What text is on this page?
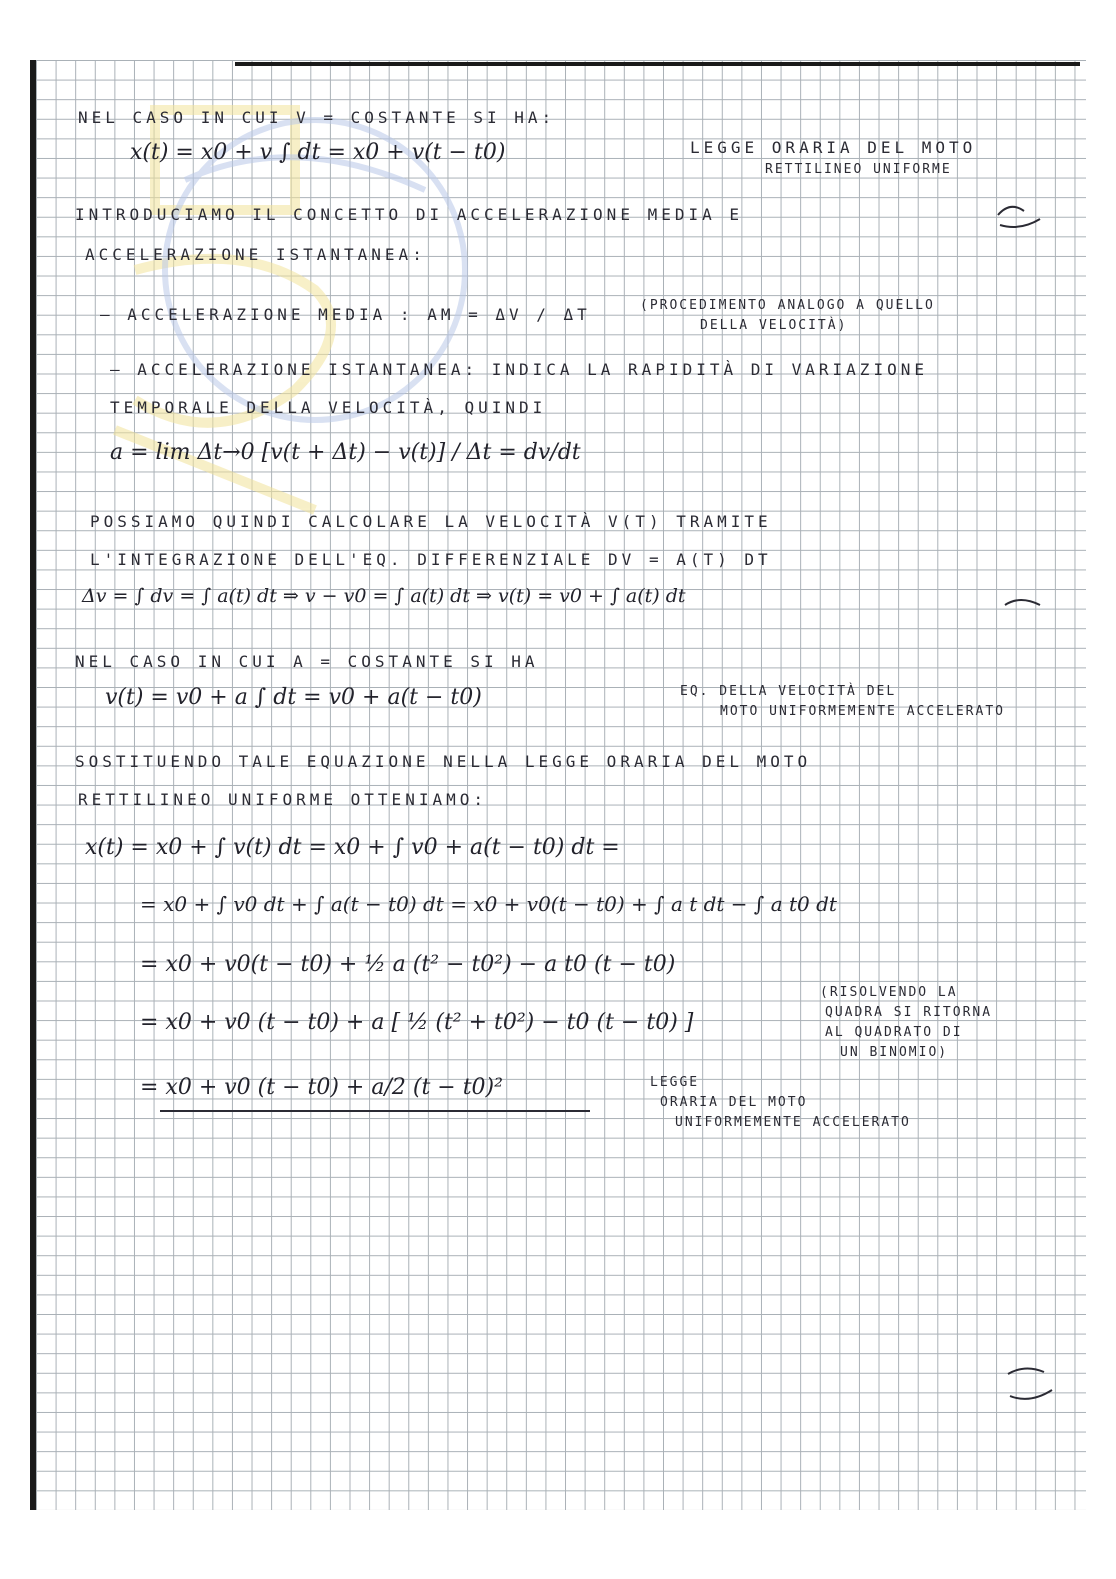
NEL CASO IN CUI V = COSTANTE SI HA:
x(t) = x0 + v ∫ dt = x0 + v(t − t0)	LEGGE ORARIA DEL MOTO
RETTILINEO UNIFORME
INTRODUCIAMO IL CONCETTO DI ACCELERAZIONE MEDIA E
ACCELERAZIONE ISTANTANEA:
– ACCELERAZIONE MEDIA : AM = ΔV / ΔT	(PROCEDIMENTO ANALOGO A QUELLO
DELLA VELOCITÀ)
– ACCELERAZIONE ISTANTANEA: INDICA LA RAPIDITÀ DI VARIAZIONE
TEMPORALE DELLA VELOCITÀ, QUINDI
a = lim Δt→0 [v(t + Δt) − v(t)] / Δt = dv/dt
POSSIAMO QUINDI CALCOLARE LA VELOCITÀ V(T) TRAMITE
L'INTEGRAZIONE DELL'EQ. DIFFERENZIALE DV = A(T) DT
Δv = ∫ dv = ∫ a(t) dt ⇒ v − v0 = ∫ a(t) dt ⇒ v(t) = v0 + ∫ a(t) dt
NEL CASO IN CUI A = COSTANTE SI HA
v(t) = v0 + a ∫ dt = v0 + a(t − t0)	EQ. DELLA VELOCITÀ DEL
MOTO UNIFORMEMENTE ACCELERATO
SOSTITUENDO TALE EQUAZIONE NELLA LEGGE ORARIA DEL MOTO
RETTILINEO UNIFORME OTTENIAMO:
x(t) = x0 + ∫ v(t) dt = x0 + ∫ v0 + a(t − t0) dt =
= x0 + ∫ v0 dt + ∫ a(t − t0) dt = x0 + v0(t − t0) + ∫ a t dt − ∫ a t0 dt
= x0 + v0(t − t0) + ½ a (t² − t0²) − a t0 (t − t0)
= x0 + v0 (t − t0) + a [ ½ (t² + t0²) − t0 (t − t0) ]
(RISOLVENDO LA
QUADRA SI RITORNA
AL QUADRATO DI
UN BINOMIO)
= x0 + v0 (t − t0) + a/2 (t − t0)²	LEGGE
ORARIA DEL MOTO
UNIFORMEMENTE ACCELERATO
